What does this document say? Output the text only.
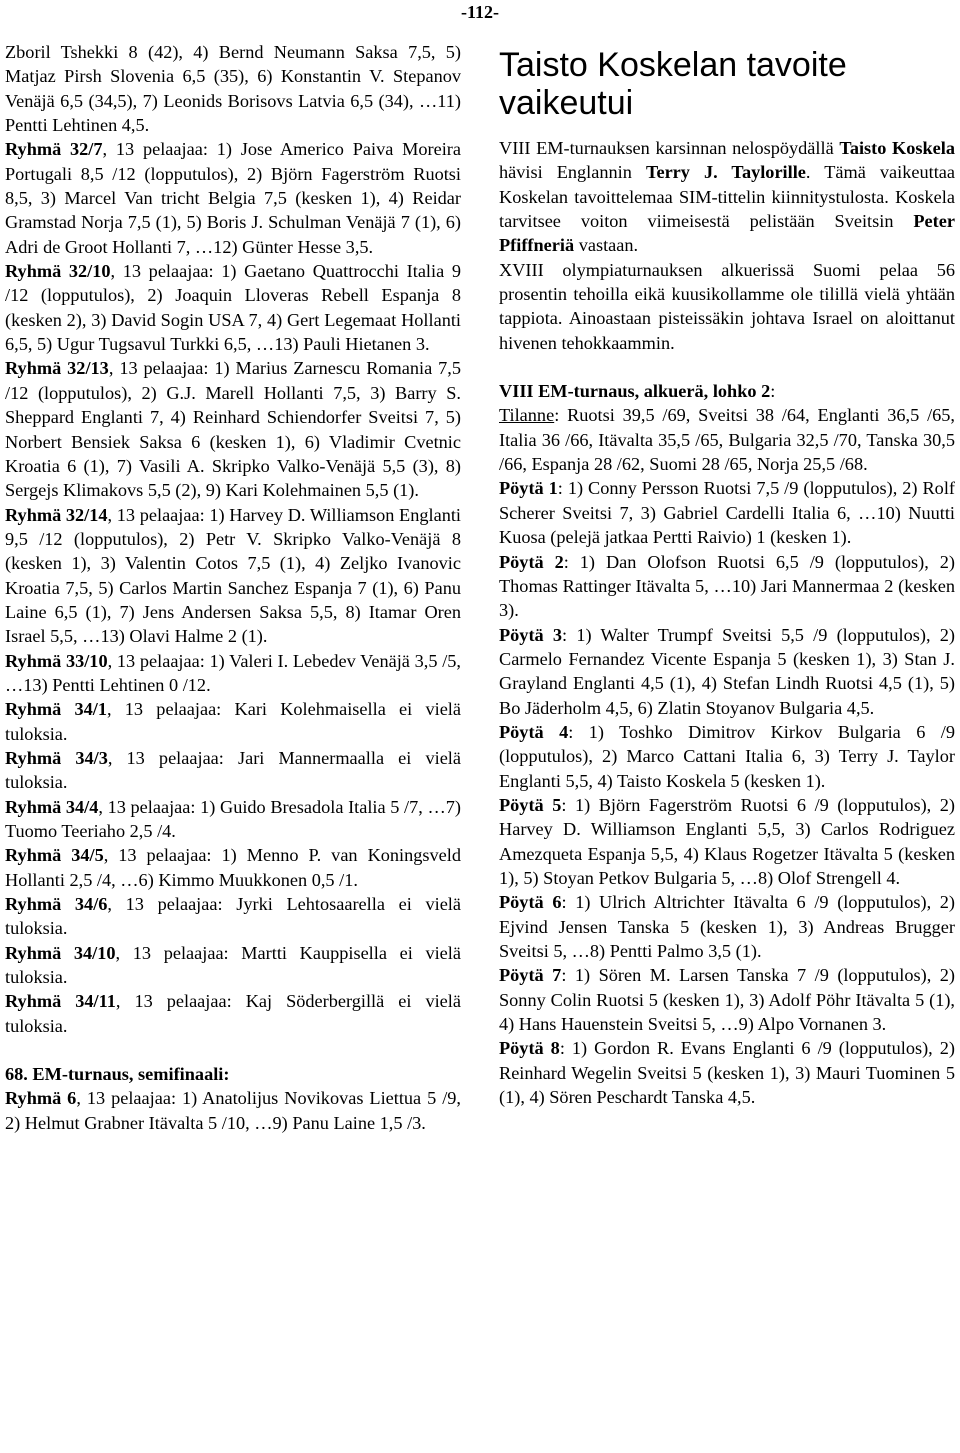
-112-

Zboril Tshekki 8 (42), 4) Bernd Neumann Saksa 7,5, 5) Matjaz Pirsh Slovenia 6,5 (35), 6) Konstantin V. Stepanov Venäjä 6,5 (34,5), 7) Leonids Borisovs Latvia 6,5 (34), …11) Pentti Lehtinen 4,5.

Ryhmä 32/7, 13 pelaajaa: 1) Jose Americo Paiva Moreira Portugali 8,5 /12 (lopputulos), 2) Björn Fagerström Ruotsi 8,5, 3) Marcel Van tricht Belgia 7,5 (kesken 1), 4) Reidar Gramstad Norja 7,5 (1), 5) Boris J. Schulman Venäjä 7 (1), 6) Adri de Groot Hollanti 7, …12) Günter Hesse 3,5.

Ryhmä 32/10, 13 pelaajaa: 1) Gaetano Quattrocchi Italia 9 /12 (lopputulos), 2) Joaquin Lloveras Rebell Espanja 8 (kesken 2), 3) David Sogin USA 7, 4) Gert Legemaat Hollanti 6,5, 5) Ugur Tugsavul Turkki 6,5, …13) Pauli Hietanen 3.

Ryhmä 32/13, 13 pelaajaa: 1) Marius Zarnescu Romania 7,5 /12 (lopputulos), 2) G.J. Marell Hollanti 7,5, 3) Barry S. Sheppard Englanti 7, 4) Reinhard Schiendorfer Sveitsi 7, 5) Norbert Bensiek Saksa 6 (kesken 1), 6) Vladimir Cvetnic Kroatia 6 (1), 7) Vasili A. Skripko Valko-Venäjä 5,5 (3), 8) Sergejs Klimakovs 5,5 (2), 9) Kari Kolehmainen 5,5 (1).

Ryhmä 32/14, 13 pelaajaa: 1) Harvey D. Williamson Englanti 9,5 /12 (lopputulos), 2) Petr V. Skripko Valko-Venäjä 8 (kesken 1), 3) Valentin Cotos 7,5 (1), 4) Zeljko Ivanovic Kroatia 7,5, 5) Carlos Martin Sanchez Espanja 7 (1), 6) Panu Laine 6,5 (1), 7) Jens Andersen Saksa 5,5, 8) Itamar Oren Israel 5,5, …13) Olavi Halme 2 (1).

Ryhmä 33/10, 13 pelaajaa: 1) Valeri I. Lebedev Venäjä 3,5 /5, …13) Pentti Lehtinen 0 /12.

Ryhmä 34/1, 13 pelaajaa: Kari Kolehmaisella ei vielä tuloksia.

Ryhmä 34/3, 13 pelaajaa: Jari Mannermaalla ei vielä tuloksia.

Ryhmä 34/4, 13 pelaajaa: 1) Guido Bresadola Italia 5 /7, …7) Tuomo Teeriaho 2,5 /4.

Ryhmä 34/5, 13 pelaajaa: 1) Menno P. van Koningsveld Hollanti 2,5 /4, …6) Kimmo Muukkonen 0,5 /1.

Ryhmä 34/6, 13 pelaajaa: Jyrki Lehtosaarella ei vielä tuloksia.

Ryhmä 34/10, 13 pelaajaa: Martti Kauppisella ei vielä tuloksia.

Ryhmä 34/11, 13 pelaajaa: Kaj Söderbergillä ei vielä tuloksia.

68. EM-turnaus, semifinaali:

Ryhmä 6, 13 pelaajaa: 1) Anatolijus Novikovas Liettua 5 /9, 2) Helmut Grabner Itävalta 5 /10, …9) Panu Laine 1,5 /3.

Taisto Koskelan tavoite vaikeutui

VIII EM-turnauksen karsinnan nelospöydällä Taisto Koskela hävisi Englannin Terry J. Taylorille. Tämä vaikeuttaa Koskelan tavoittelemaa SIM-tittelin kiinnitystulosta. Koskela tarvitsee voiton viimeisestä pelistään Sveitsin Peter Pfiffneriä vastaan.

XVIII olympiaturnauksen alkuerissä Suomi pelaa 56 prosentin tehoilla eikä kuusikollamme ole tilillä vielä yhtään tappiota. Ainoastaan pisteissäkin johtava Israel on aloittanut hivenen tehokkaammin.

VIII EM-turnaus, alkuerä, lohko 2:

Tilanne: Ruotsi 39,5 /69, Sveitsi 38 /64, Englanti 36,5 /65, Italia 36 /66, Itävalta 35,5 /65, Bulgaria 32,5 /70, Tanska 30,5 /66, Espanja 28 /62, Suomi 28 /65, Norja 25,5 /68.

Pöytä 1: 1) Conny Persson Ruotsi 7,5 /9 (lopputulos), 2) Rolf Scherer Sveitsi 7, 3) Gabriel Cardelli Italia 6, …10) Nuutti Kuosa (pelejä jatkaa Pertti Raivio) 1 (kesken 1).

Pöytä 2: 1) Dan Olofson Ruotsi 6,5 /9 (lopputulos), 2) Thomas Rattinger Itävalta 5, …10) Jari Mannermaa 2 (kesken 3).

Pöytä 3: 1) Walter Trumpf Sveitsi 5,5 /9 (lopputulos), 2) Carmelo Fernandez Vicente Espanja 5 (kesken 1), 3) Stan J. Grayland Englanti 4,5 (1), 4) Stefan Lindh Ruotsi 4,5 (1), 5) Bo Jäderholm 4,5, 6) Zlatin Stoyanov Bulgaria 4,5.

Pöytä 4: 1) Toshko Dimitrov Kirkov Bulgaria 6 /9 (lopputulos), 2) Marco Cattani Italia 6, 3) Terry J. Taylor Englanti 5,5, 4) Taisto Koskela 5 (kesken 1).

Pöytä 5: 1) Björn Fagerström Ruotsi 6 /9 (lopputulos), 2) Harvey D. Williamson Englanti 5,5, 3) Carlos Rodriguez Amezqueta Espanja 5,5, 4) Klaus Rogetzer Itävalta 5 (kesken 1), 5) Stoyan Petkov Bulgaria 5, …8) Olof Strengell 4.

Pöytä 6: 1) Ulrich Altrichter Itävalta 6 /9 (lopputulos), 2) Ejvind Jensen Tanska 5 (kesken 1), 3) Andreas Brugger Sveitsi 5, …8) Pentti Palmo 3,5 (1).

Pöytä 7: 1) Sören M. Larsen Tanska 7 /9 (lopputulos), 2) Sonny Colin Ruotsi 5 (kesken 1), 3) Adolf Pöhr Itävalta 5 (1), 4) Hans Hauenstein Sveitsi 5, …9) Alpo Vornanen 3.

Pöytä 8: 1) Gordon R. Evans Englanti 6 /9 (lopputulos), 2) Reinhard Wegelin Sveitsi 5 (kesken 1), 3) Mauri Tuominen 5 (1), 4) Sören Peschardt Tanska 4,5.
